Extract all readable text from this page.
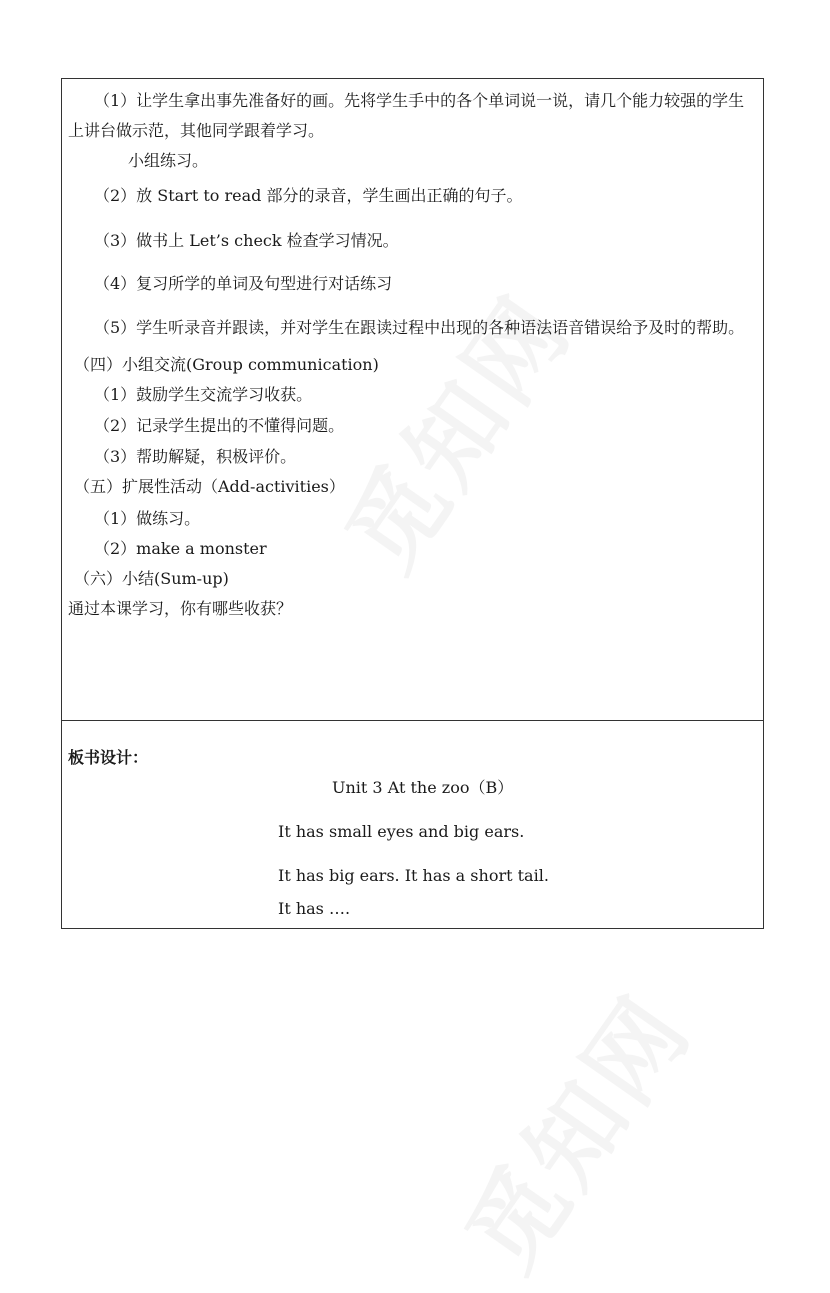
（1）让学生拿出事先准备好的画。先将学生手中的各个单词说一说，请几个能力较强的学生
上讲台做示范，其他同学跟着学习。
小组练习。
（2）放 Start to read 部分的录音，学生画出正确的句子。
（3）做书上 Let’s check 检查学习情况。
（4）复习所学的单词及句型进行对话练习
（5）学生听录音并跟读，并对学生在跟读过程中出现的各种语法语音错误给予及时的帮助。
（四）小组交流(Group communication)
（1）鼓励学生交流学习收获。
（2）记录学生提出的不懂得问题。
（3）帮助解疑，积极评价。
（五）扩展性活动（Add-activities）
（1）做练习。
（2）make a monster
（六）小结(Sum-up)
通过本课学习，你有哪些收获？
板书设计：
Unit 3 At the zoo（B）
It has small eyes and big ears.
It has big ears. It has a short tail.
It has ….
